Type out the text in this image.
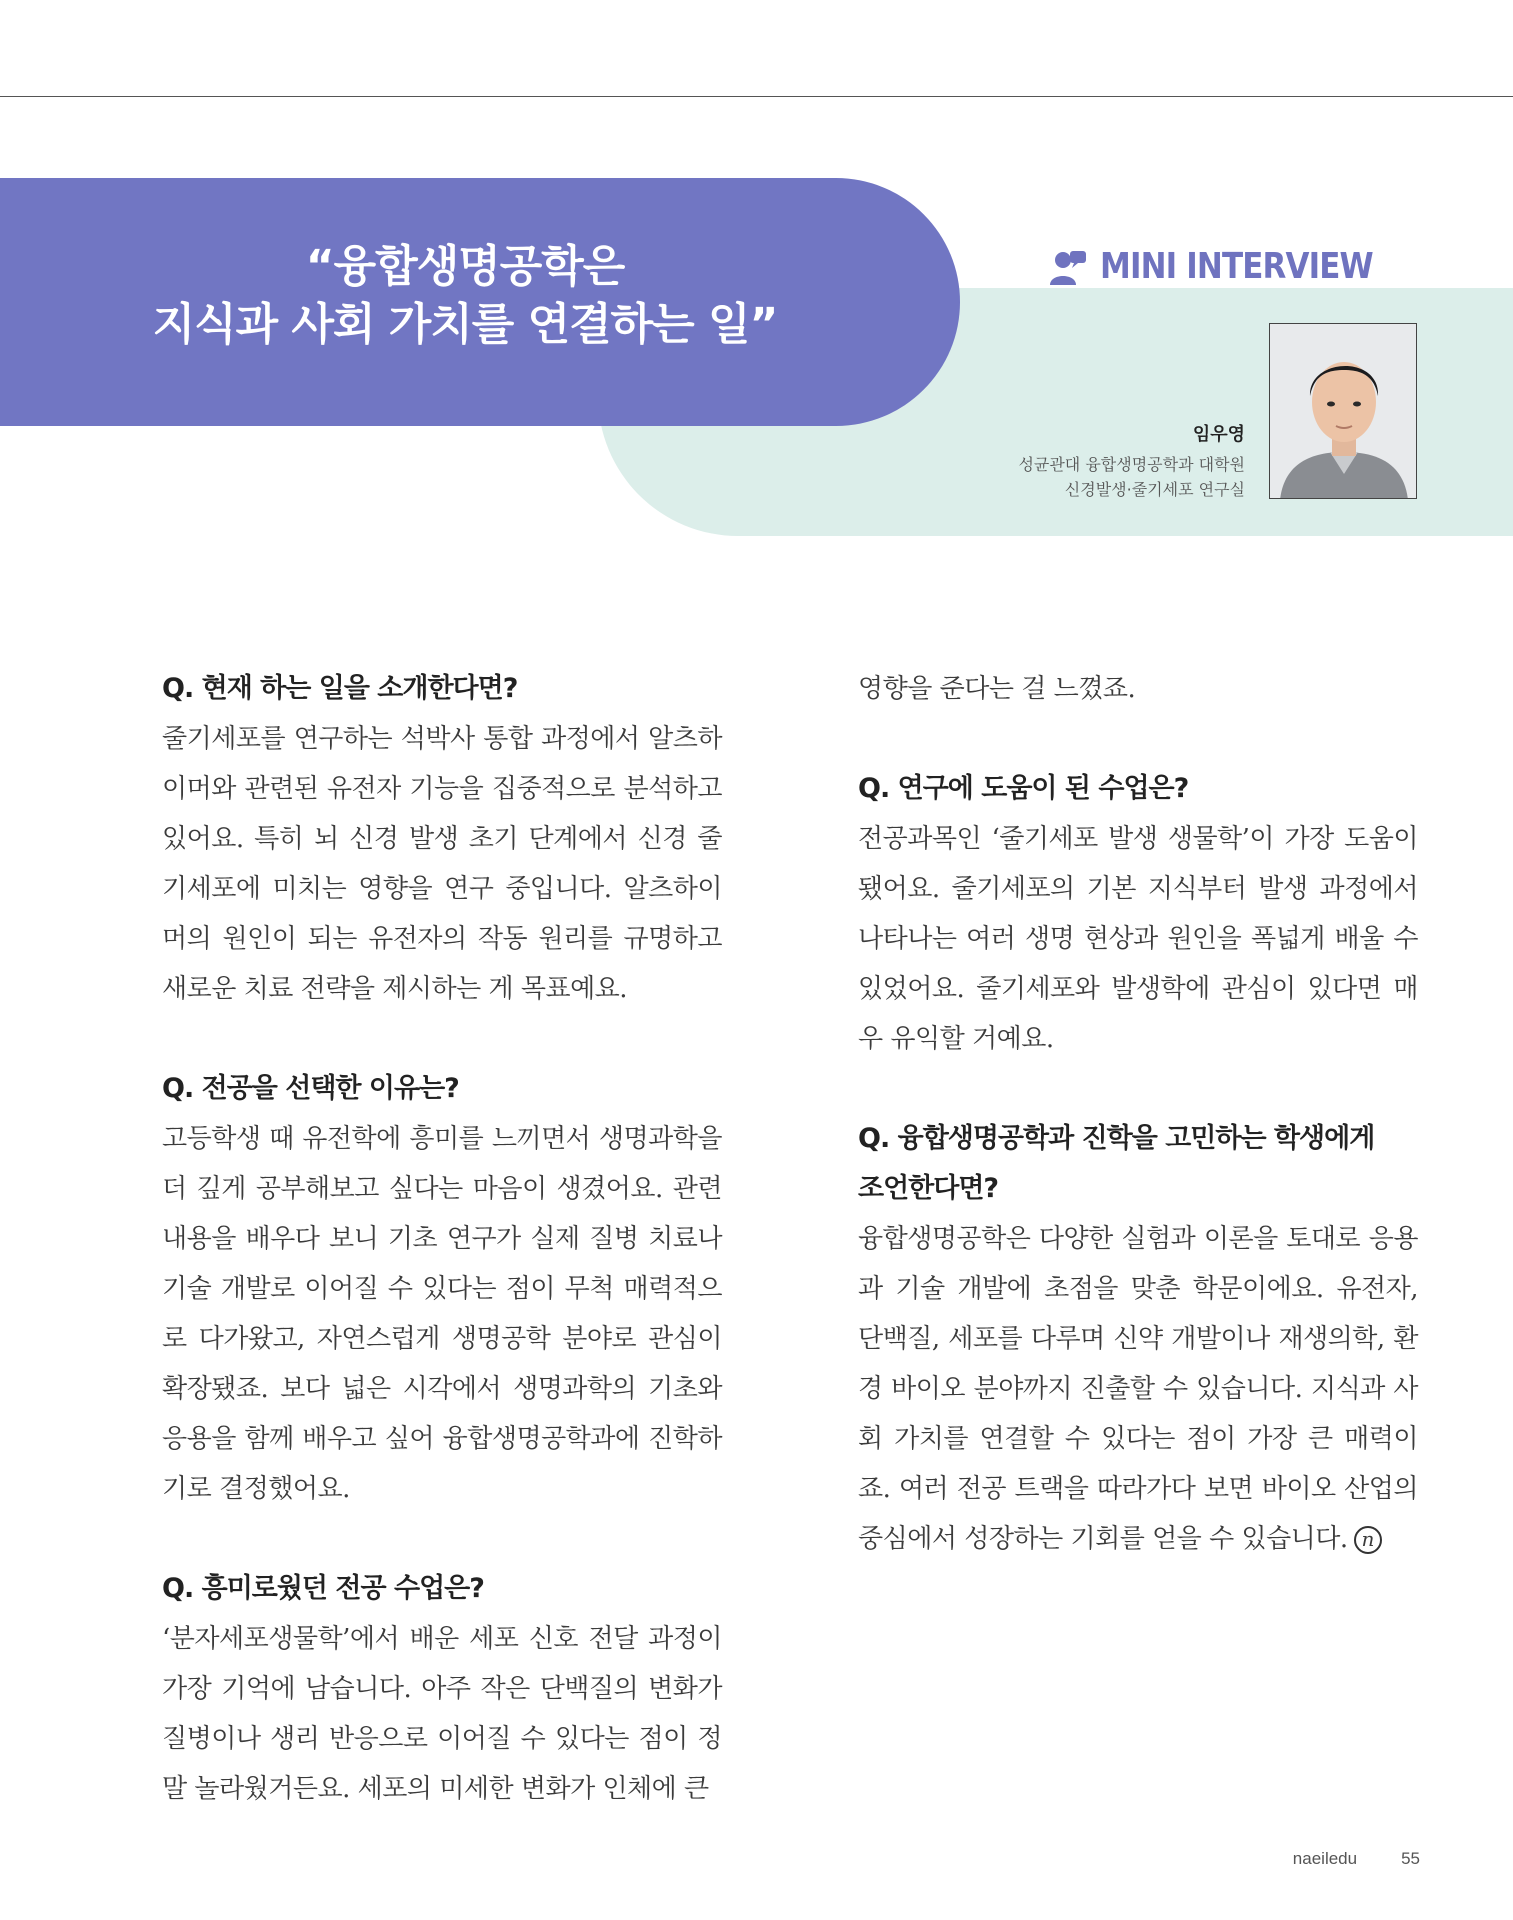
“융합생명공학은
지식과 사회 가치를 연결하는 일”
MINI INTERVIEW
임우영
성균관대 융합생명공학과 대학원
신경발생·줄기세포 연구실
Q. 현재 하는 일을 소개한다면?

줄기세포를 연구하는 석박사 통합 과정에서 알츠하이머와 관련된 유전자 기능을 집중적으로 분석하고 있어요. 특히 뇌 신경 발생 초기 단계에서 신경 줄기세포에 미치는 영향을 연구 중입니다. 알츠하이머의 원인이 되는 유전자의 작동 원리를 규명하고 새로운 치료 전략을 제시하는 게 목표예요.

Q. 전공을 선택한 이유는?

고등학생 때 유전학에 흥미를 느끼면서 생명과학을 더 깊게 공부해보고 싶다는 마음이 생겼어요. 관련 내용을 배우다 보니 기초 연구가 실제 질병 치료나 기술 개발로 이어질 수 있다는 점이 무척 매력적으로 다가왔고, 자연스럽게 생명공학 분야로 관심이 확장됐죠. 보다 넓은 시각에서 생명과학의 기초와 응용을 함께 배우고 싶어 융합생명공학과에 진학하기로 결정했어요.

Q. 흥미로웠던 전공 수업은?

‘분자세포생물학’에서 배운 세포 신호 전달 과정이 가장 기억에 남습니다. 아주 작은 단백질의 변화가 질병이나 생리 반응으로 이어질 수 있다는 점이 정말 놀라웠거든요. 세포의 미세한 변화가 인체에 큰

영향을 준다는 걸 느꼈죠.

Q. 연구에 도움이 된 수업은?

전공과목인 ‘줄기세포 발생 생물학’이 가장 도움이 됐어요. 줄기세포의 기본 지식부터 발생 과정에서 나타나는 여러 생명 현상과 원인을 폭넓게 배울 수 있었어요. 줄기세포와 발생학에 관심이 있다면 매우 유익할 거예요.

Q. 융합생명공학과 진학을 고민하는 학생에게
조언한다면?

융합생명공학은 다양한 실험과 이론을 토대로 응용과 기술 개발에 초점을 맞춘 학문이에요. 유전자, 단백질, 세포를 다루며 신약 개발이나 재생의학, 환경 바이오 분야까지 진출할 수 있습니다. 지식과 사회 가치를 연결할 수 있다는 점이 가장 큰 매력이죠. 여러 전공 트랙을 따라가다 보면 바이오 산업의 중심에서 성장하는 기회를 얻을 수 있습니다. n

naeiledu	55
